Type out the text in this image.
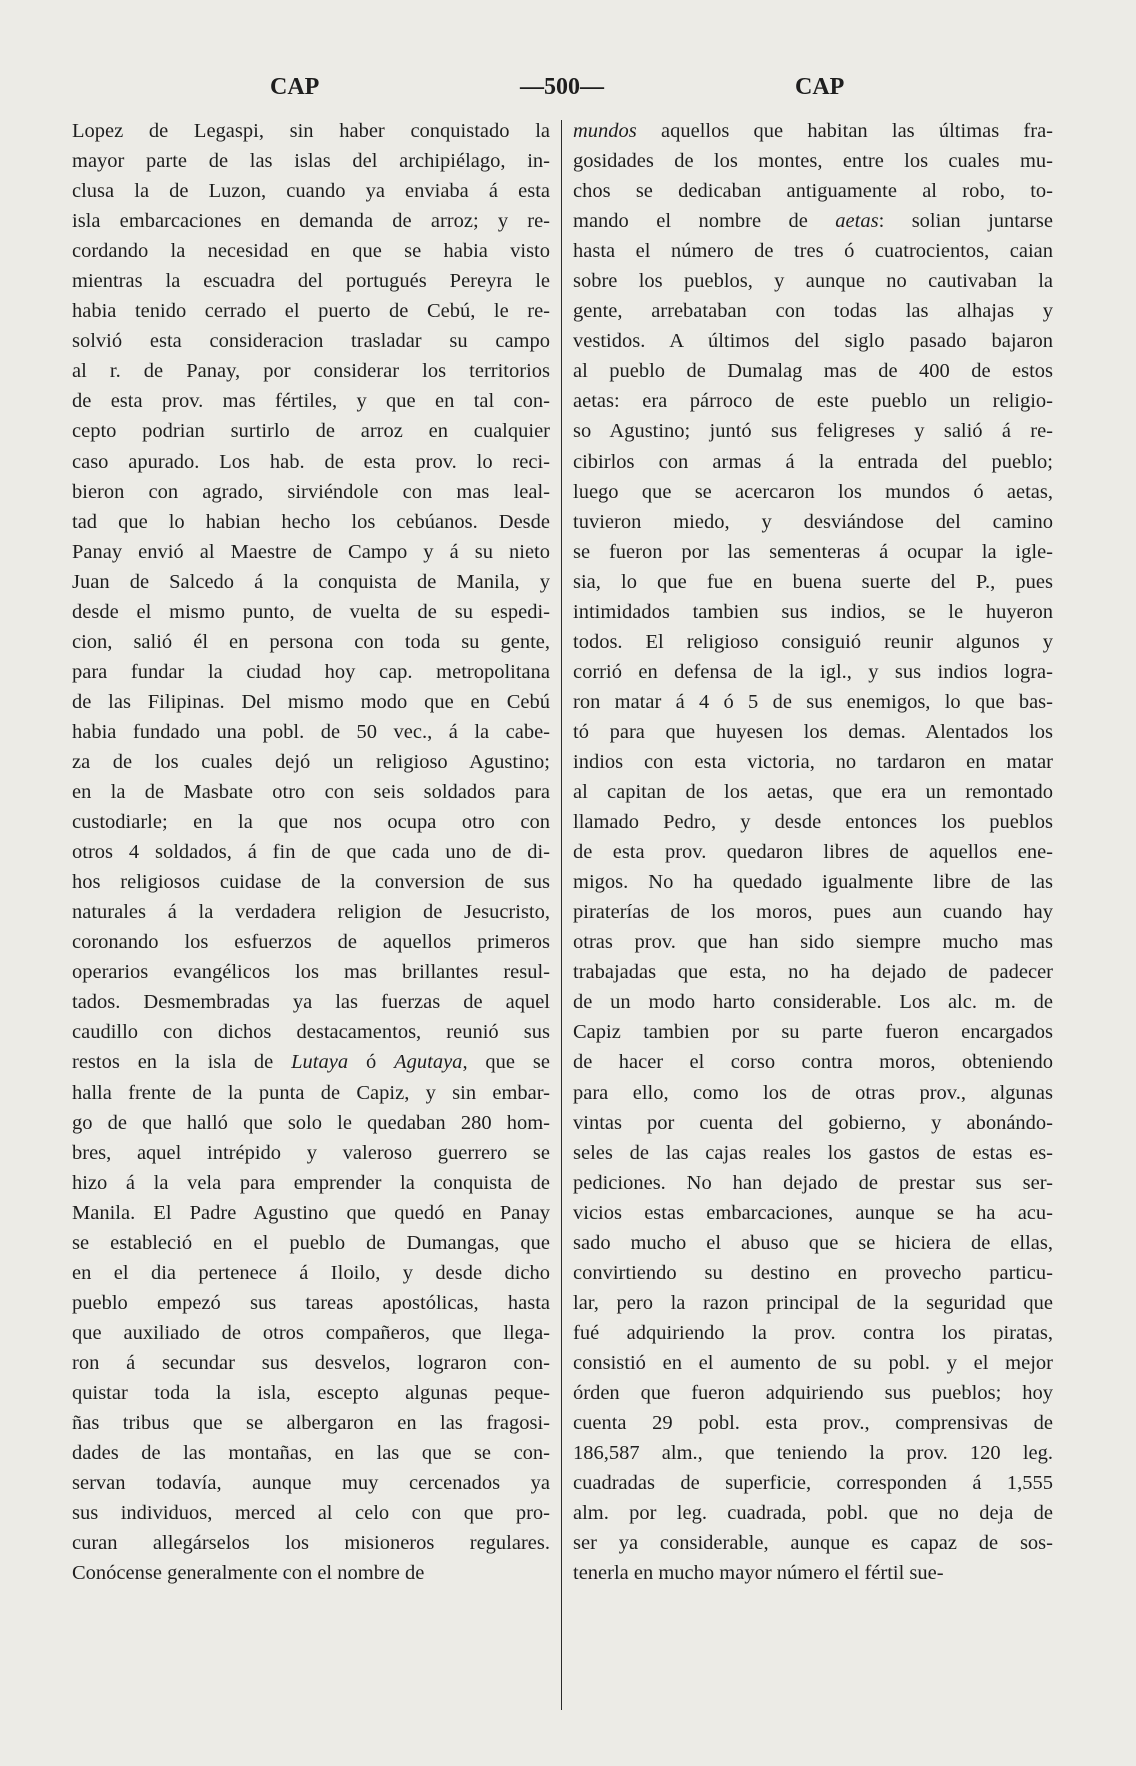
CAP	—500—	CAP
Lopez de Legaspi, sin haber conquistado la
mayor parte de las islas del archipiélago, in-
clusa la de Luzon, cuando ya enviaba á esta
isla embarcaciones en demanda de arroz; y re-
cordando la necesidad en que se habia visto
mientras la escuadra del portugués Pereyra le
habia tenido cerrado el puerto de Cebú, le re-
solvió esta consideracion trasladar su campo
al r. de Panay, por considerar los territorios
de esta prov. mas fértiles, y que en tal con-
cepto podrian surtirlo de arroz en cualquier
caso apurado. Los hab. de esta prov. lo reci-
bieron con agrado, sirviéndole con mas leal-
tad que lo habian hecho los cebúanos. Desde
Panay envió al Maestre de Campo y á su nieto
Juan de Salcedo á la conquista de Manila, y
desde el mismo punto, de vuelta de su espedi-
cion, salió él en persona con toda su gente,
para fundar la ciudad hoy cap. metropolitana
de las Filipinas. Del mismo modo que en Cebú
habia fundado una pobl. de 50 vec., á la cabe-
za de los cuales dejó un religioso Agustino;
en la de Masbate otro con seis soldados para
custodiarle; en la que nos ocupa otro con
otros 4 soldados, á fin de que cada uno de di-
hos religiosos cuidase de la conversion de sus
naturales á la verdadera religion de Jesucristo,
coronando los esfuerzos de aquellos primeros
operarios evangélicos los mas brillantes resul-
tados. Desmembradas ya las fuerzas de aquel
caudillo con dichos destacamentos, reunió sus
restos en la isla de Lutaya ó Agutaya, que se
halla frente de la punta de Capiz, y sin embar-
go de que halló que solo le quedaban 280 hom-
bres, aquel intrépido y valeroso guerrero se
hizo á la vela para emprender la conquista de
Manila. El Padre Agustino que quedó en Panay
se estableció en el pueblo de Dumangas, que
en el dia pertenece á Iloilo, y desde dicho
pueblo empezó sus tareas apostólicas, hasta
que auxiliado de otros compañeros, que llega-
ron á secundar sus desvelos, lograron con-
quistar toda la isla, escepto algunas peque-
ñas tribus que se albergaron en las fragosi-
dades de las montañas, en las que se con-
servan todavía, aunque muy cercenados ya
sus individuos, merced al celo con que pro-
curan allegárselos los misioneros regulares.
Conócense generalmente con el nombre de
mundos aquellos que habitan las últimas fra-
gosidades de los montes, entre los cuales mu-
chos se dedicaban antiguamente al robo, to-
mando el nombre de aetas: solian juntarse
hasta el número de tres ó cuatrocientos, caian
sobre los pueblos, y aunque no cautivaban la
gente, arrebataban con todas las alhajas y
vestidos. A últimos del siglo pasado bajaron
al pueblo de Dumalag mas de 400 de estos
aetas: era párroco de este pueblo un religio-
so Agustino; juntó sus feligreses y salió á re-
cibirlos con armas á la entrada del pueblo;
luego que se acercaron los mundos ó aetas,
tuvieron miedo, y desviándose del camino
se fueron por las sementeras á ocupar la igle-
sia, lo que fue en buena suerte del P., pues
intimidados tambien sus indios, se le huyeron
todos. El religioso consiguió reunir algunos y
corrió en defensa de la igl., y sus indios logra-
ron matar á 4 ó 5 de sus enemigos, lo que bas-
tó para que huyesen los demas. Alentados los
indios con esta victoria, no tardaron en matar
al capitan de los aetas, que era un remontado
llamado Pedro, y desde entonces los pueblos
de esta prov. quedaron libres de aquellos ene-
migos. No ha quedado igualmente libre de las
piraterías de los moros, pues aun cuando hay
otras prov. que han sido siempre mucho mas
trabajadas que esta, no ha dejado de padecer
de un modo harto considerable. Los alc. m. de
Capiz tambien por su parte fueron encargados
de hacer el corso contra moros, obteniendo
para ello, como los de otras prov., algunas
vintas por cuenta del gobierno, y abonándo-
seles de las cajas reales los gastos de estas es-
pediciones. No han dejado de prestar sus ser-
vicios estas embarcaciones, aunque se ha acu-
sado mucho el abuso que se hiciera de ellas,
convirtiendo su destino en provecho particu-
lar, pero la razon principal de la seguridad que
fué adquiriendo la prov. contra los piratas,
consistió en el aumento de su pobl. y el mejor
órden que fueron adquiriendo sus pueblos; hoy
cuenta 29 pobl. esta prov., comprensivas de
186,587 alm., que teniendo la prov. 120 leg.
cuadradas de superficie, corresponden á 1,555
alm. por leg. cuadrada, pobl. que no deja de
ser ya considerable, aunque es capaz de sos-
tenerla en mucho mayor número el fértil sue-
